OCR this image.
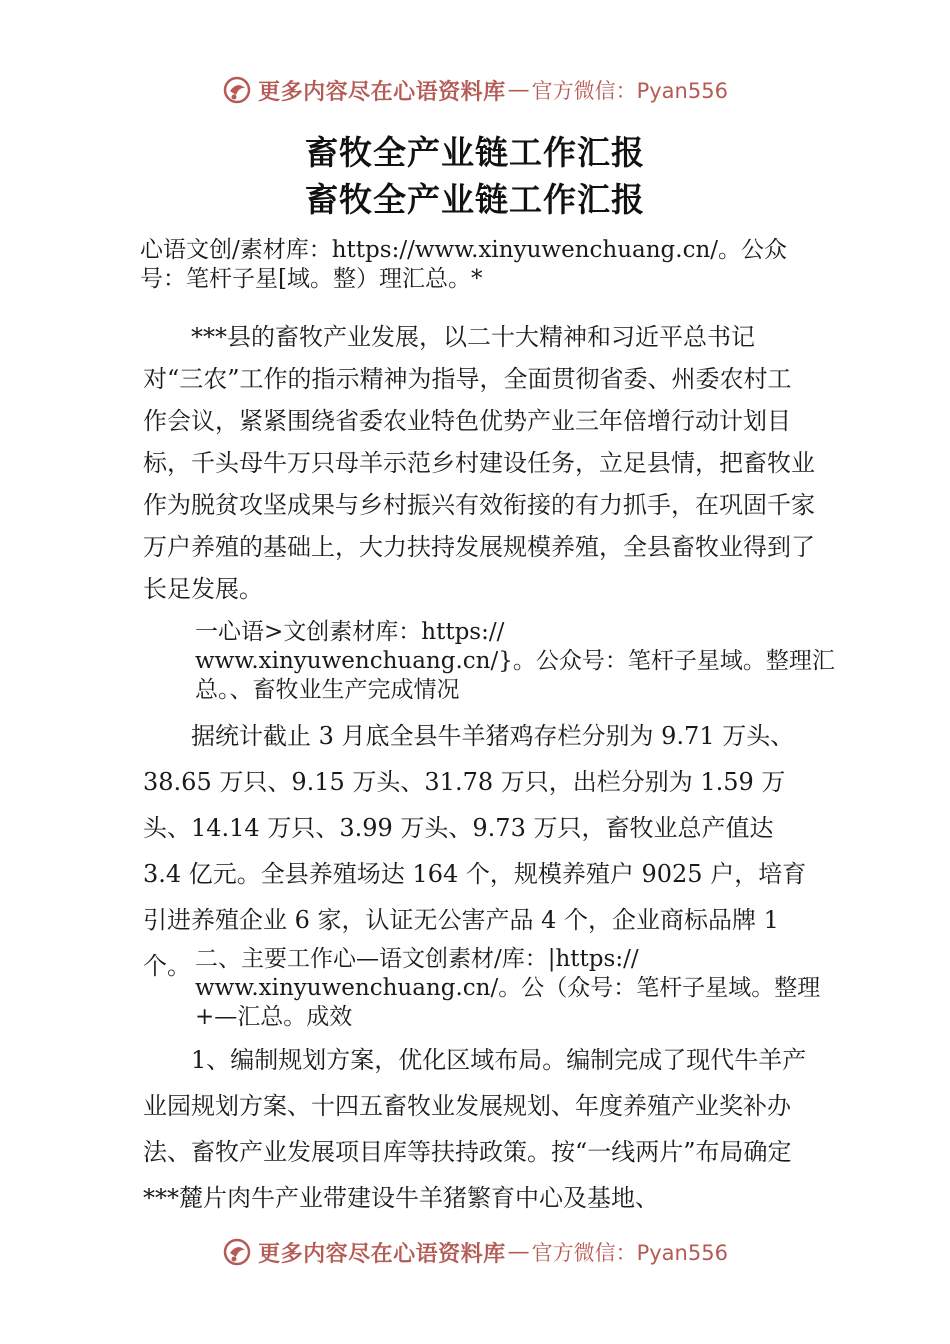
更多内容尽在心语资料库 — 官方微信：Pyan556
畜牧全产业链工作汇报
畜牧全产业链工作汇报
心语文创/素材库：https://www.xinyuwenchuang.cn/。公众号：笔杆子星[域。整）理汇总。*

***县的畜牧产业发展，以二十大精神和习近平总书记对“三农”工作的指示精神为指导，全面贯彻省委、州委农村工作会议，紧紧围绕省委农业特色优势产业三年倍增行动计划目标，千头母牛万只母羊示范乡村建设任务，立足县情，把畜牧业作为脱贫攻坚成果与乡村振兴有效衔接的有力抓手，在巩固千家万户养殖的基础上，大力扶持发展规模养殖，全县畜牧业得到了长足发展。

一心语>文创素材库：https:// www.xinyuwenchuang.cn/}。公众号：笔杆子星域。整理汇总。、畜牧业生产完成情况

据统计截止 3 月底全县牛羊猪鸡存栏分别为 9.71 万头、38.65 万只、9.15 万头、31.78 万只，出栏分别为 1.59 万头、14.14 万只、3.99 万头、9.73 万只，畜牧业总产值达 3.4 亿元。全县养殖场达 164 个，规模养殖户 9025 户，培育引进养殖企业 6 家，认证无公害产品 4 个，企业商标品牌 1 个。 二、主要工作心—语文创素材/库：|https:// www.xinyuwenchuang.cn/。公（众号：笔杆子星域。整理+—汇总。成效

1、编制规划方案，优化区域布局。编制完成了现代牛羊产业园规划方案、十四五畜牧业发展规划、年度养殖产业奖补办法、畜牧产业发展项目库等扶持政策。按“一线两片”布局确定***麓片肉牛产业带建设牛羊猪繁育中心及基地、

更多内容尽在心语资料库 — 官方微信：Pyan556
